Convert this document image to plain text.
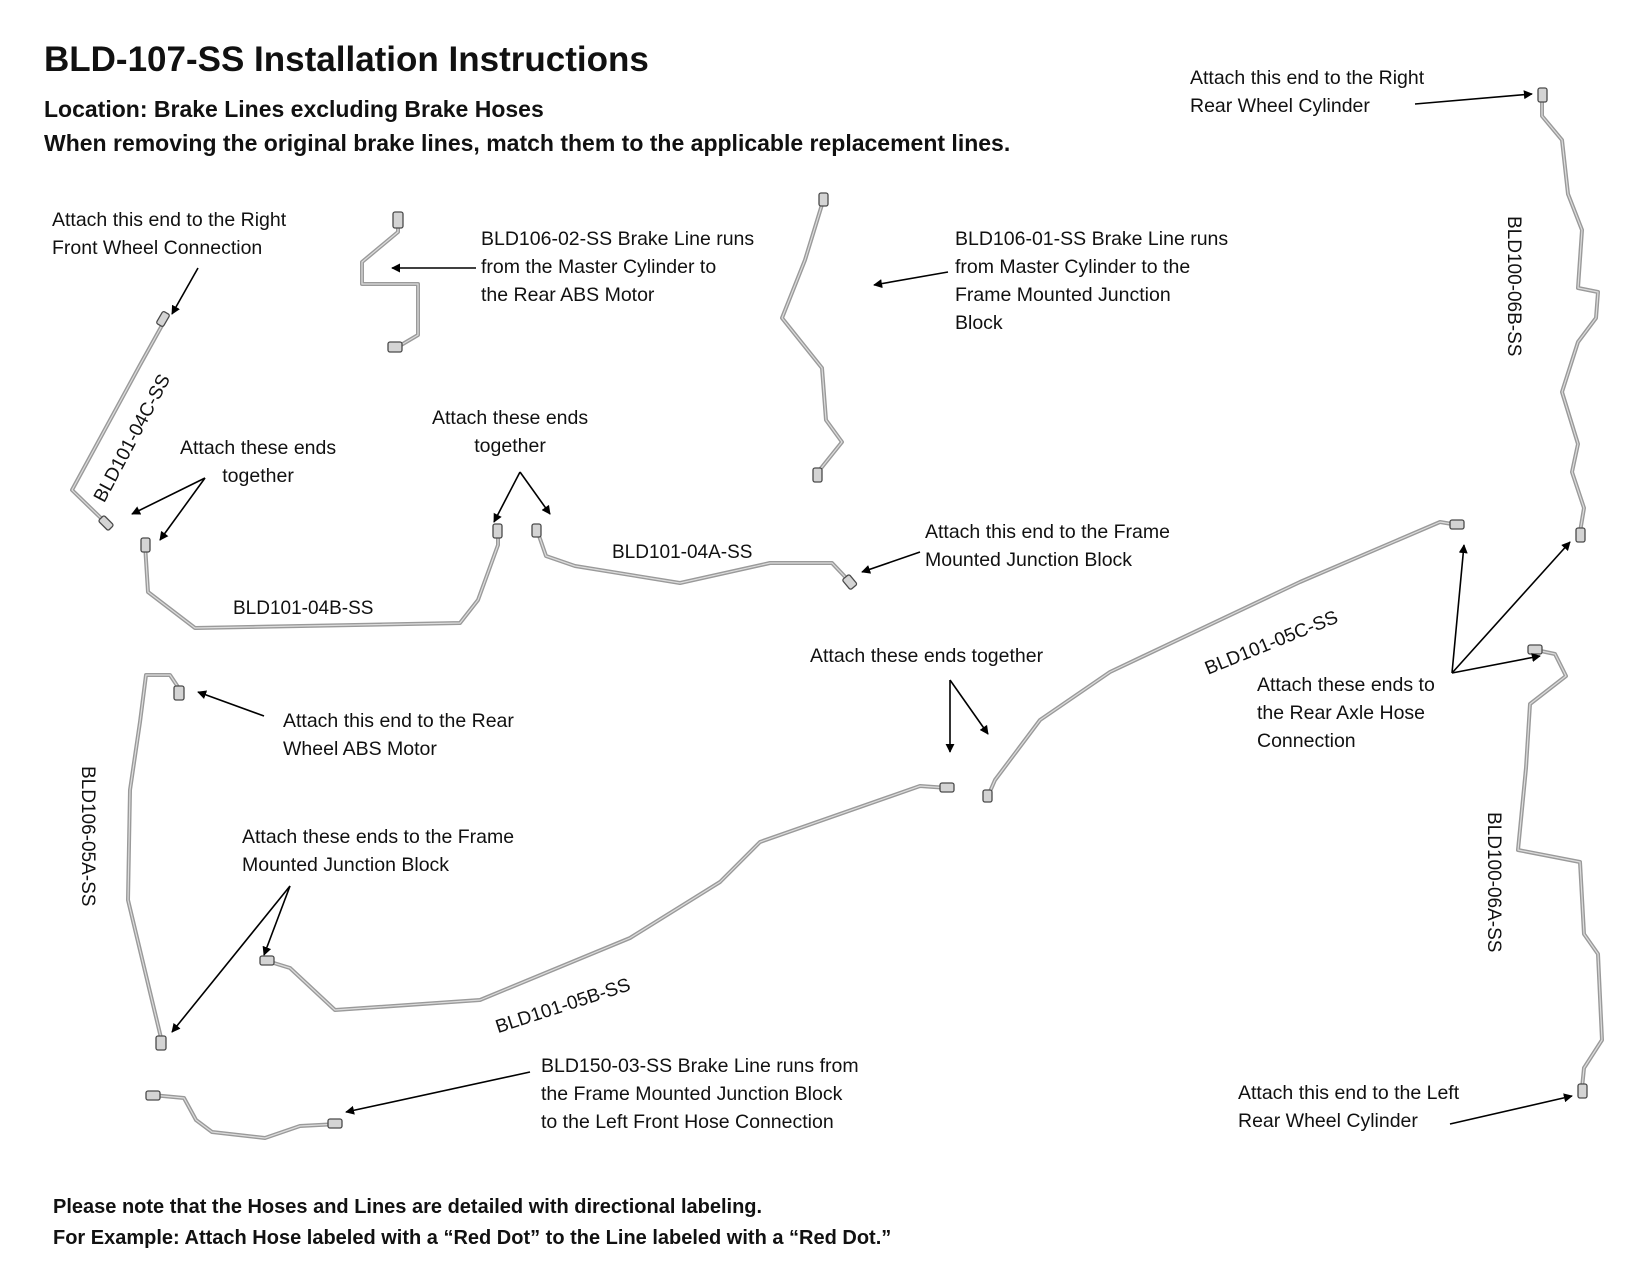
BLD-107-SS Installation Instructions
Location: Brake Lines excluding Brake Hoses
When removing the original brake lines, match them to the applicable replacement lines.
Attach this end to the Right
Front Wheel Connection	BLD106-02-SS Brake Line runs
from the Master Cylinder to
the Rear ABS Motor
BLD106-01-SS Brake Line runs
from Master Cylinder to the
Frame Mounted Junction
Block
Attach this end to the Right
Rear Wheel Cylinder
Attach these ends
together
Attach these ends
together
Attach this end to the Frame
Mounted Junction Block
Attach these ends together
Attach these ends to
the Rear Axle Hose
Connection
Attach this end to the Rear
Wheel ABS Motor
Attach these ends to the Frame
Mounted Junction Block
BLD150-03-SS Brake Line runs from
the Frame Mounted Junction Block
to the Left Front Hose Connection
Attach this end to the Left
Rear Wheel Cylinder
BLD101-04C-SS
BLD101-04B-SS
BLD101-04A-SS
BLD101-05C-SS
BLD101-05B-SS
BLD100-06B-SS
BLD100-06A-SS
BLD106-05A-SS
Please note that the Hoses and Lines are detailed with directional labeling.
For Example: Attach Hose labeled with a “Red Dot” to the Line labeled with a “Red Dot.”
